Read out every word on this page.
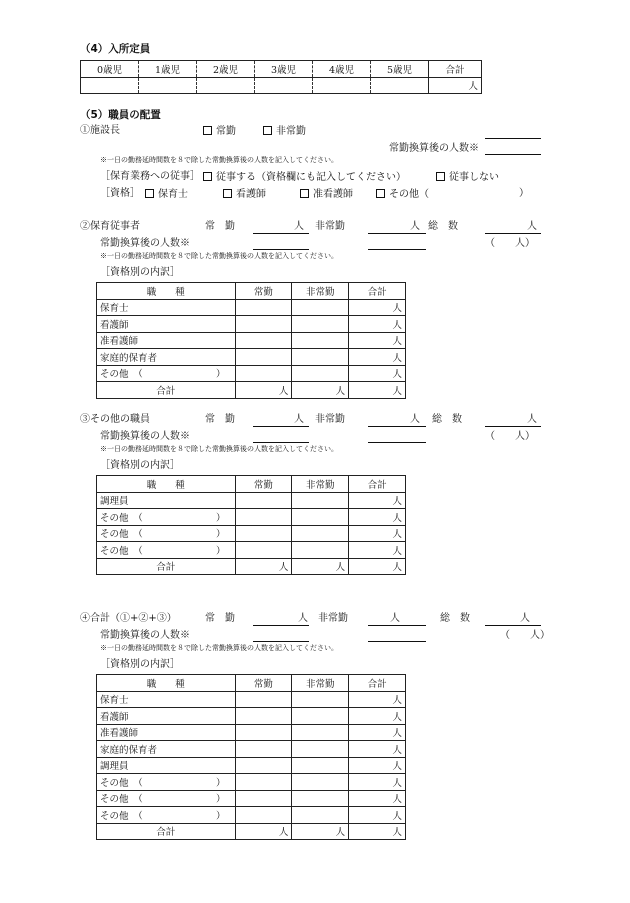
（4）入所定員
0歳児	1歳児	2歳児	3歳児	4歳児	5歳児	合計
						人
（5）職員の配置
①施設長	常勤	非常勤
常勤換算後の人数※
※一日の勤務延時間数を８で除した常勤換算後の人数を記入してください。
［保育業務への従事］	従事する（資格欄にも記入してください）	従事しない
［資格］	保育士	看護師	准看護師	その他（	）
②保育従事者	常　勤	人 非常勤	人 総　数	人
常勤換算後の人数※	（　　人）
※一日の勤務延時間数を８で除した常勤換算後の人数を記入してください。
［資格別の内訳］
職　　種	常勤	非常勤	合計
保育士			人
看護師			人
准看護師			人
家庭的保育者			人
その他　（ ）			人
合計	人	人	人
③その他の職員	常　勤	人 非常勤	人 総　数	人
常勤換算後の人数※	（　　人）
※一日の勤務延時間数を８で除した常勤換算後の人数を記入してください。
［資格別の内訳］
職　　種	常勤	非常勤	合計
調理員			人
その他　（ ）			人
その他　（ ）			人
その他　（ ）			人
合計	人	人	人
④合計（①+②+③）	常　勤	人 非常勤	人	総　数	人
常勤換算後の人数※	（　　人）
※一日の勤務延時間数を８で除した常勤換算後の人数を記入してください。
［資格別の内訳］
職　　種	常勤	非常勤	合計
保育士			人
看護師			人
准看護師			人
家庭的保育者			人
調理員			人
その他　（ ）			人
その他　（ ）			人
その他　（ ）			人
合計	人	人	人
